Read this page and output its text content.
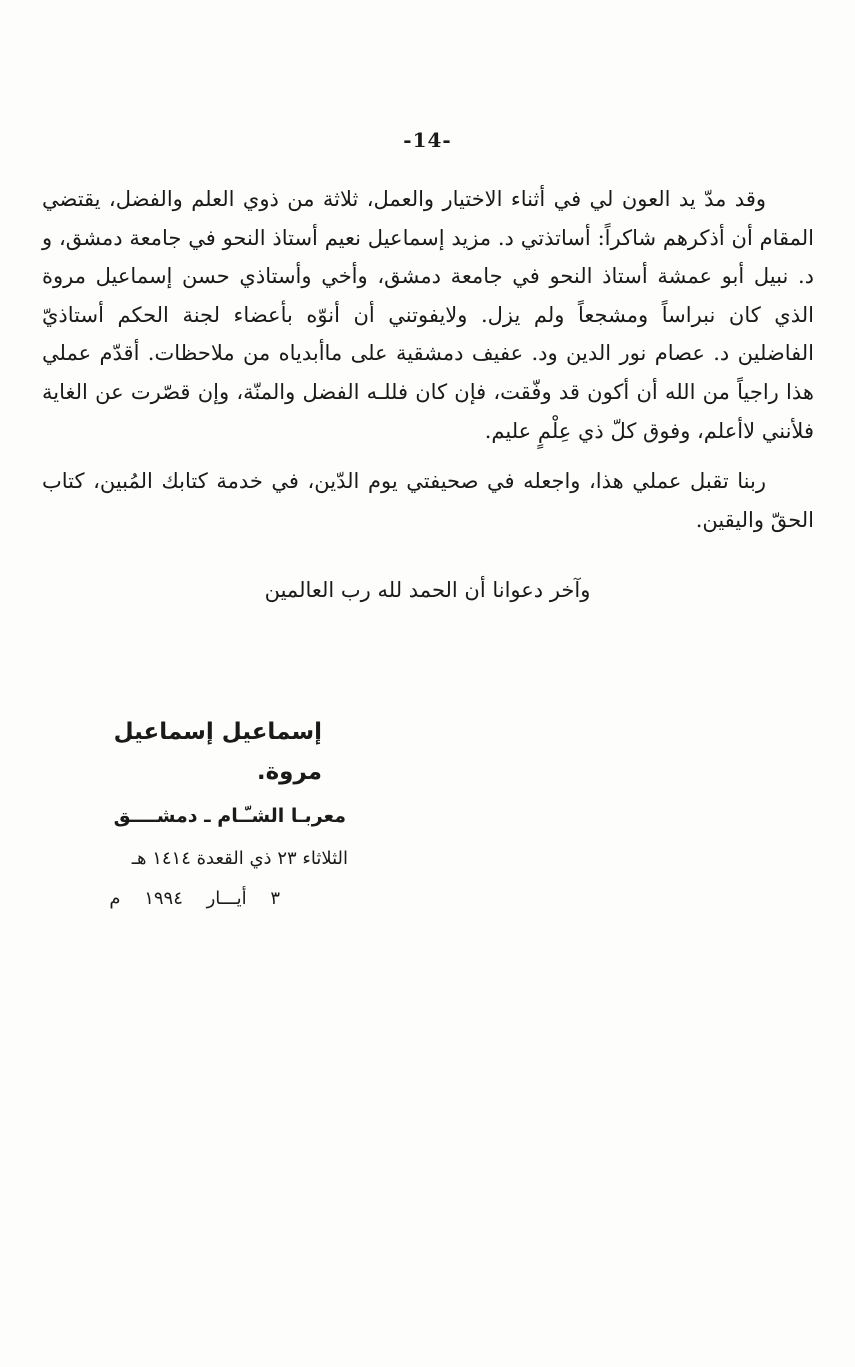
-14-

وقد مدّ يد العون لي في أثناء الاختيار والعمل، ثلاثة من ذوي العلم والفضل، يقتضي المقام أن أذكرهم شاكراً: أساتذتي د. مزيد إسماعيل نعيم أستاذ النحو في جامعة دمشق، و د. نبيل أبو عمشة أستاذ النحو في جامعة دمشق، وأخي وأستاذي حسن إسماعيل مروة الذي كان نبراساً ومشجعاً ولم يزل. ولايفوتني أن أنوّه بأعضاء لجنة الحكم أستاذيّ الفاضلين د. عصام نور الدين ود. عفيف دمشقية على ماأبدياه من ملاحظات. أقدّم عملي هذا راجياً من الله أن أكون قد وفّقت، فإن كان فللـه الفضل والمنّة، وإن قصّرت عن الغاية فلأنني لاأعلم، وفوق كلّ ذي عِلْمٍ عليم.

ربنا تقبل عملي هذا، واجعله في صحيفتي يوم الدّين، في خدمة كتابك المُبين، كتاب الحقّ واليقين.

وآخر دعوانا أن الحمد لله رب العالمين
إسماعيل إسماعيل مروة.
معربـا الشـّـام ـ دمشــــق
الثلاثاء ٢٣ ذي القعدة ١٤١٤ هـ
٣ أيـــار ١٩٩٤ م
